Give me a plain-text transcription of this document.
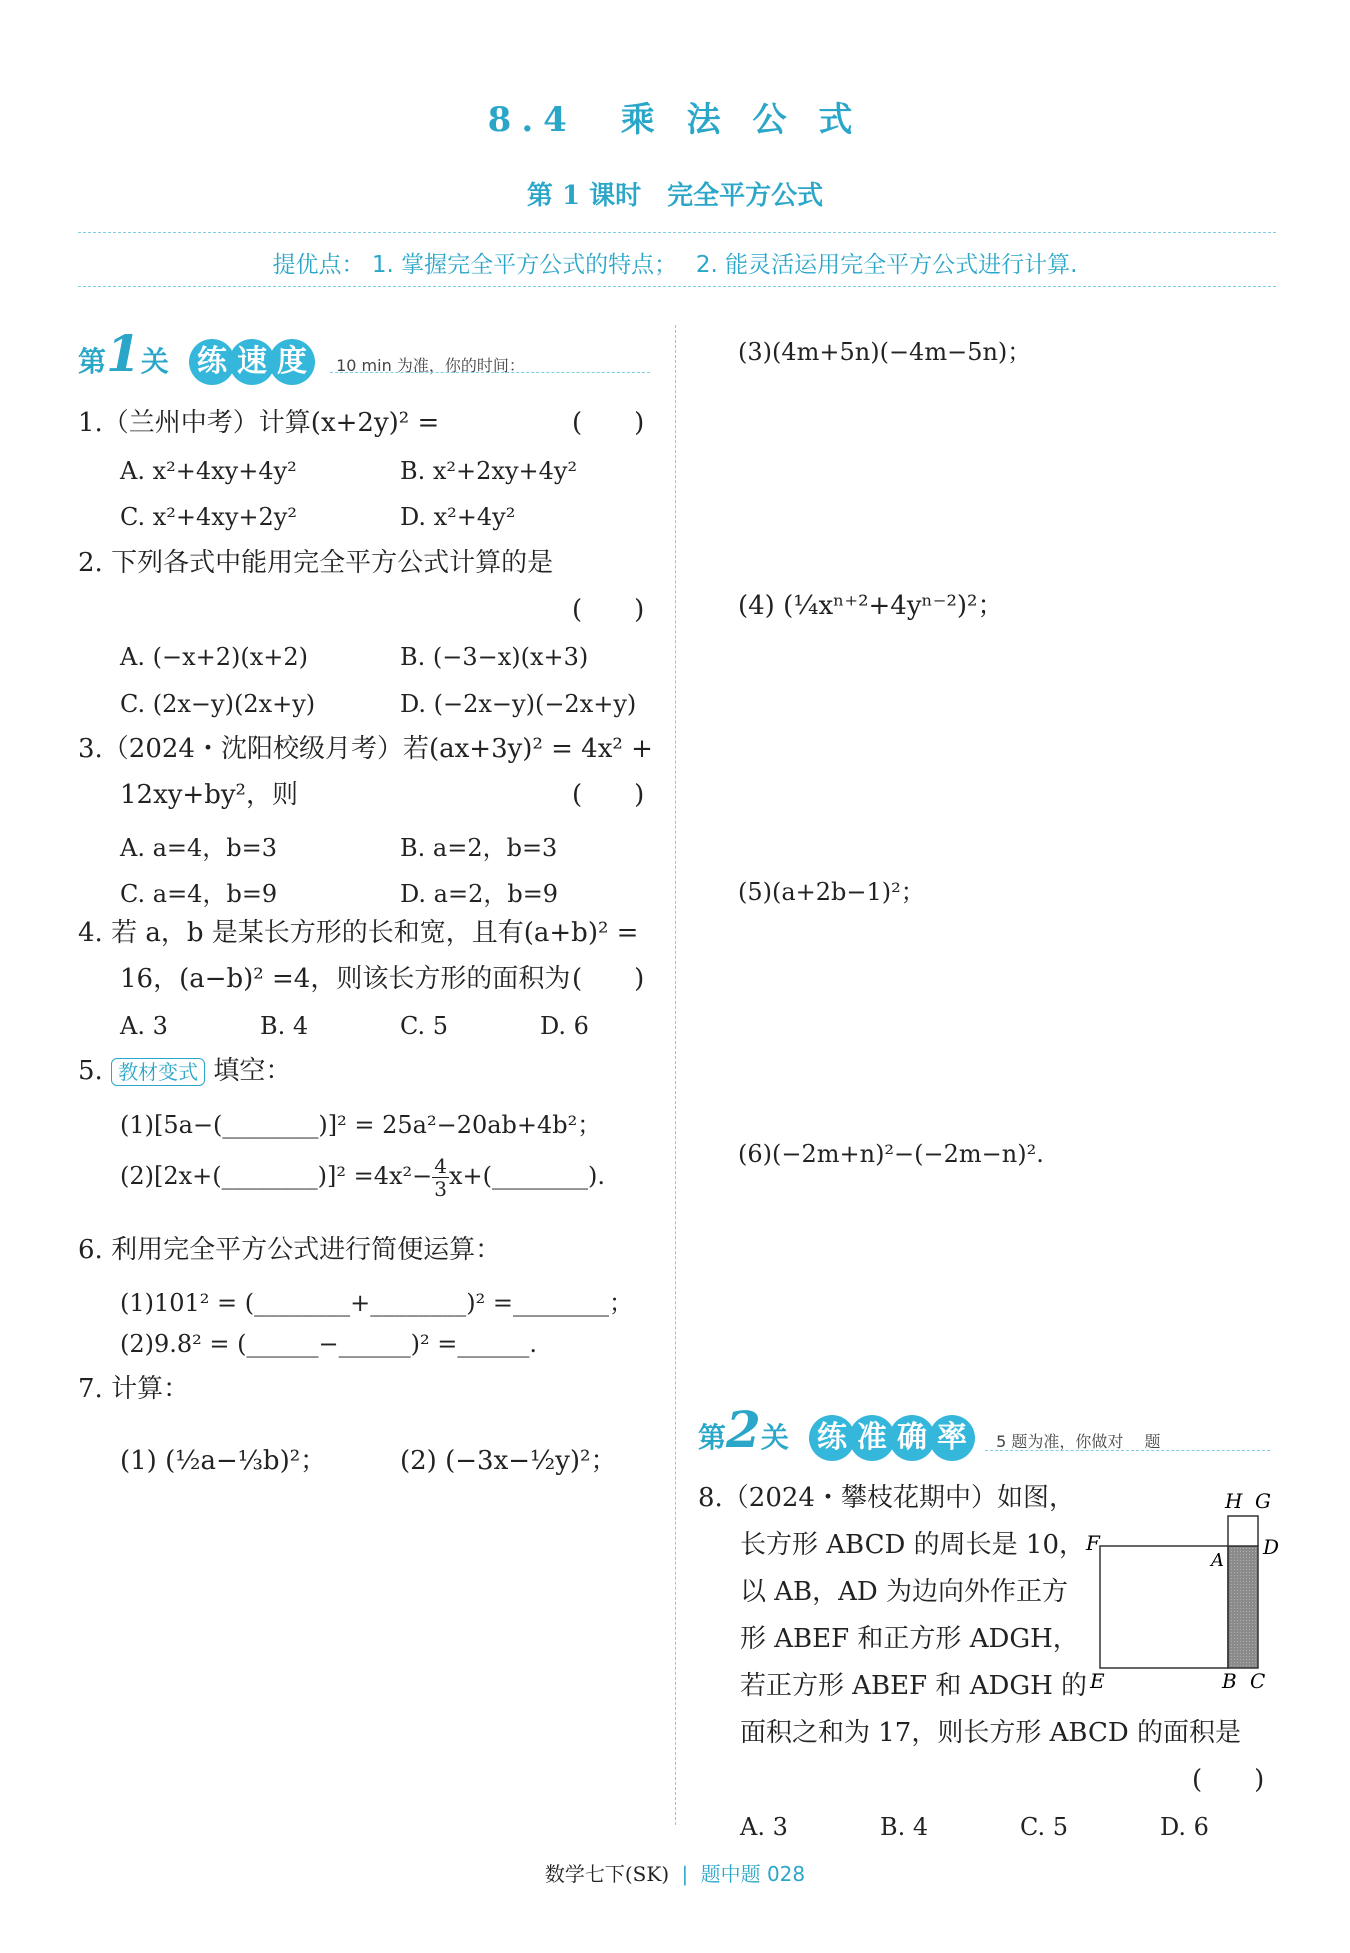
8.4　乘 法 公 式
第 1 课时　完全平方公式
提优点： 1. 掌握完全平方公式的特点；　 2. 能灵活运用完全平方公式进行计算.
第1关 练 速 度 10 min 为准，你的时间：
1.（兰州中考）计算(x+2y)² =	(　　)
A. x²+4xy+4y²	B. x²+2xy+4y²
C. x²+4xy+2y²	D. x²+4y²
2. 下列各式中能用完全平方公式计算的是
(　　)
A. (−x+2)(x+2)	B. (−3−x)(x+3)
C. (2x−y)(2x+y)	D. (−2x−y)(−2x+y)
3.（2024・沈阳校级月考）若(ax+3y)² = 4x² +
12xy+by²，则	(　　)
A. a=4，b=3	B. a=2，b=3
C. a=4，b=9	D. a=2，b=9
4. 若 a，b 是某长方形的长和宽，且有(a+b)² =
16，(a−b)² =4，则该长方形的面积为 (　　)
A. 3	B. 4	C. 5	D. 6
5. 教材变式 填空：
(1)[5a−(________)]² = 25a²−20ab+4b²；
(2)[2x+(________)]² $=4x^2- \frac{4}{3}$ x+(________).
6. 利用完全平方公式进行简便运算：
(1)101² = (________+________)² =________；
(2)9.8² = (______−______)² =______.
7. 计算：
(1) (½a−⅓b)²；	(2) (−3x−½y)²；
(3)(4m+5n)(−4m−5n)；
(4) (¼xⁿ⁺²+4yⁿ⁻²)²；
(5)(a+2b−1)²；
(6)(−2m+n)²−(−2m−n)².
第2关 练 准 确 率 5 题为准，你做对　 题
8.（2024・攀枝花期中）如图，
长方形 ABCD 的周长是 10，
以 AB，AD 为边向外作正方
形 ABEF 和正方形 ADGH，
若正方形 ABEF 和 ADGH 的
面积之和为 17，则长方形 ABCD 的面积是
(　　)
A. 3	B. 4	C. 5	D. 6
H G
F	D
A
E	B C
数学七下(SK) | 题中题 028
